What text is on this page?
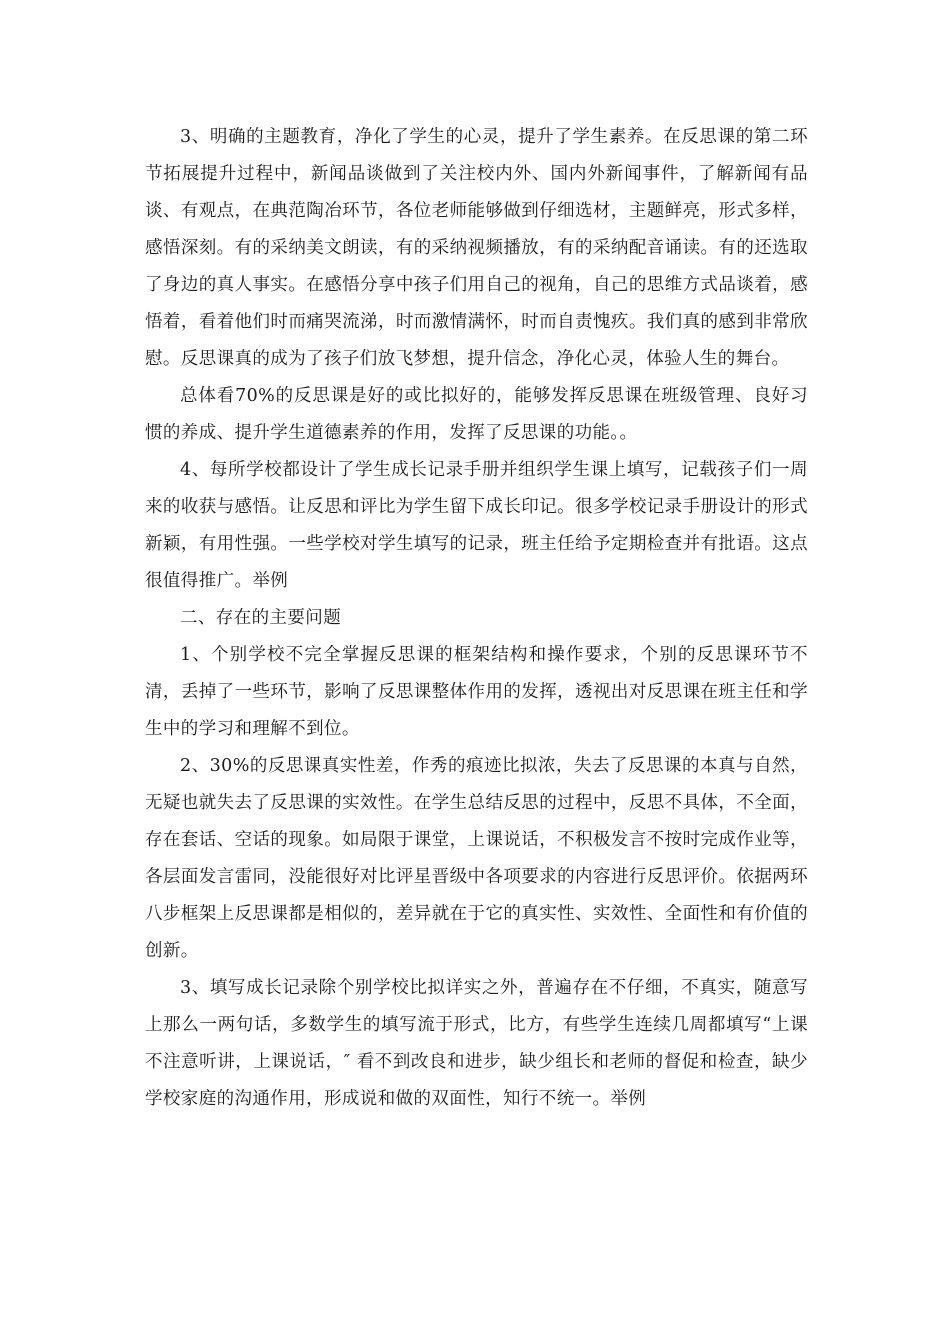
3、明确的主题教育，净化了学生的心灵，提升了学生素养。在反思课的第二环节拓展提升过程中，新闻品谈做到了关注校内外、国内外新闻事件，了解新闻有品谈、有观点，在典范陶冶环节，各位老师能够做到仔细选材，主题鲜亮，形式多样，感悟深刻。有的采纳美文朗读，有的采纳视频播放，有的采纳配音诵读。有的还选取了身边的真人事实。在感悟分享中孩子们用自己的视角，自己的思维方式品谈着，感悟着，看着他们时而痛哭流涕，时而激情满怀，时而自责愧疚。我们真的感到非常欣慰。反思课真的成为了孩子们放飞梦想，提升信念，净化心灵，体验人生的舞台。

总体看70%的反思课是好的或比拟好的，能够发挥反思课在班级管理、良好习惯的养成、提升学生道德素养的作用，发挥了反思课的功能。。

4、每所学校都设计了学生成长记录手册并组织学生课上填写，记载孩子们一周来的收获与感悟。让反思和评比为学生留下成长印记。很多学校记录手册设计的形式新颖，有用性强。一些学校对学生填写的记录，班主任给予定期检查并有批语。这点很值得推广。举例

二、存在的主要问题

1、个别学校不完全掌握反思课的框架结构和操作要求，个别的反思课环节不清，丢掉了一些环节，影响了反思课整体作用的发挥，透视出对反思课在班主任和学生中的学习和理解不到位。

2、30%的反思课真实性差，作秀的痕迹比拟浓，失去了反思课的本真与自然，无疑也就失去了反思课的实效性。在学生总结反思的过程中，反思不具体，不全面，存在套话、空话的现象。如局限于课堂，上课说话，不积极发言不按时完成作业等，各层面发言雷同，没能很好对比评星晋级中各项要求的内容进行反思评价。依据两环八步框架上反思课都是相似的，差异就在于它的真实性、实效性、全面性和有价值的创新。

3、填写成长记录除个别学校比拟详实之外，普遍存在不仔细，不真实，随意写上那么一两句话，多数学生的填写流于形式，比方，有些学生连续几周都填写“上课不注意听讲，上课说话，″ 看不到改良和进步，缺少组长和老师的督促和检查，缺少学校家庭的沟通作用，形成说和做的双面性，知行不统一。举例
